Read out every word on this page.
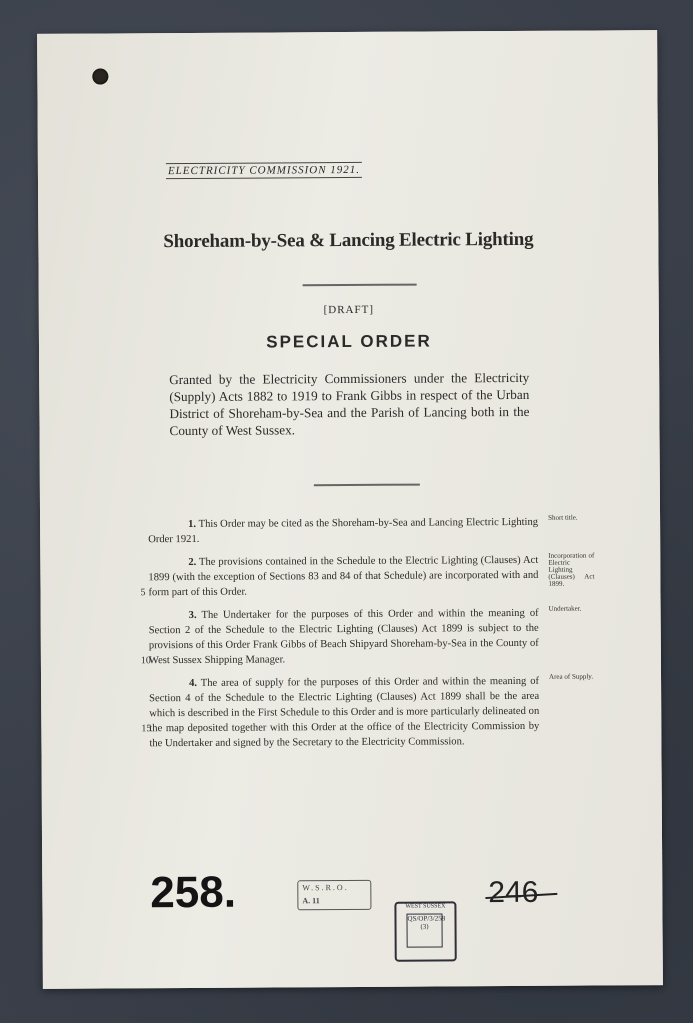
ELECTRICITY COMMISSION 1921.
Shoreham-by-Sea & Lancing Electric Lighting
[DRAFT]
SPECIAL ORDER
Granted by the Electricity Commissioners under the Electricity (Supply) Acts 1882 to 1919 to Frank Gibbs in respect of the Urban District of Shoreham-by-Sea and the Parish of Lancing both in the County of West Sussex.

1. This Order may be cited as the Shoreham-by-Sea and Lancing Electric Lighting Order 1921.

Short title.
5

2. The provisions contained in the Schedule to the Electric Lighting (Clauses) Act 1899 (with the exception of Sections 83 and 84 of that Schedule) are incorporated with and form part of this Order.

Incorporation of Electric Lighting (Clauses) Act 1899.
10

3. The Undertaker for the purposes of this Order and within the meaning of Section 2 of the Schedule to the Electric Lighting (Clauses) Act 1899 is subject to the provisions of this Order Frank Gibbs of Beach Shipyard Shoreham-by-Sea in the County of West Sussex Shipping Manager.

Undertaker.
15

4. The area of supply for the purposes of this Order and within the meaning of Section 4 of the Schedule to the Electric Lighting (Clauses) Act 1899 shall be the area which is described in the First Schedule to this Order and is more particularly delineated on the map deposited together with this Order at the office of the Electricity Commission by the Undertaker and signed by the Secretary to the Electricity Commission.

Area of Supply.
258.	W.S.R.O.
A. 11	246
WEST SUSSEX
QS/OP/3/258 (3)
